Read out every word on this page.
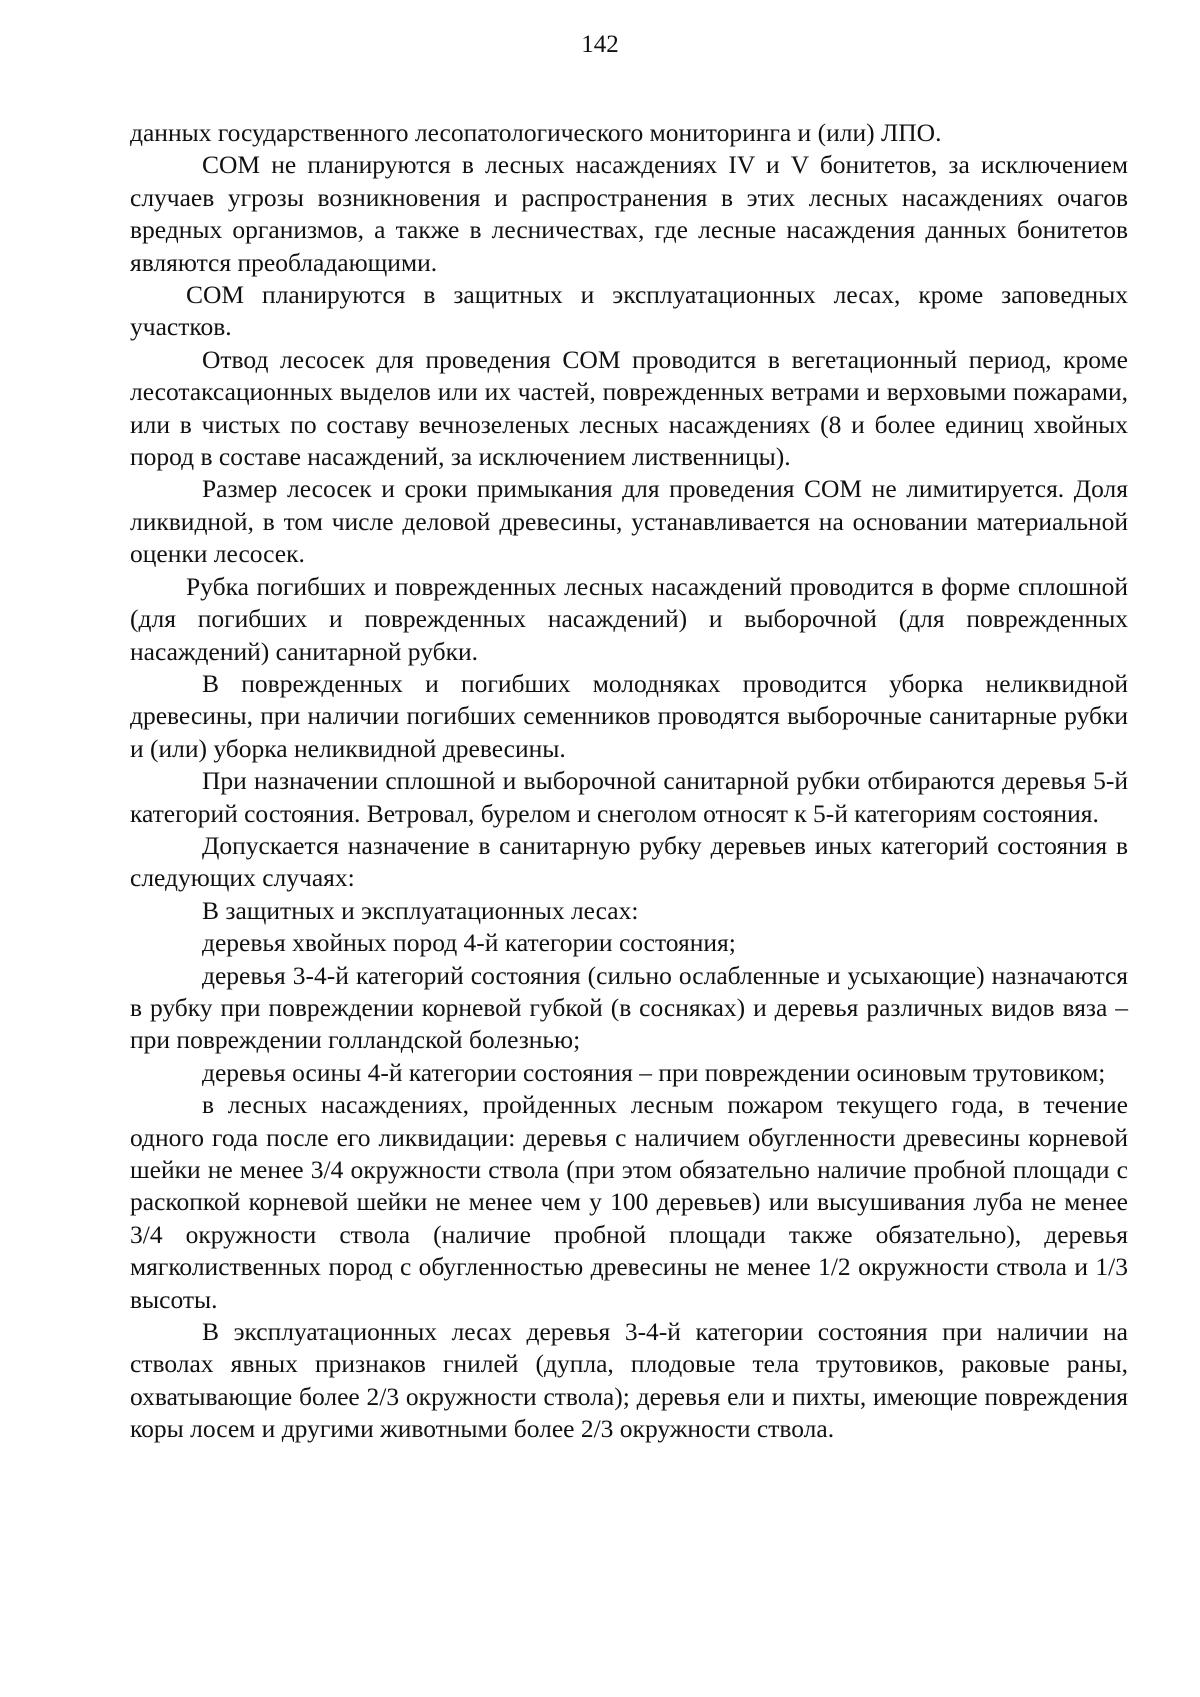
142

данных государственного лесопатологического мониторинга и (или) ЛПО.

СОМ не планируются в лесных насаждениях IV и V бонитетов, за исключением случаев угрозы возникновения и распространения в этих лесных насаждениях очагов вредных организмов, а также в лесничествах, где лесные насаждения данных бонитетов являются преобладающими.

СОМ планируются в защитных и эксплуатационных лесах, кроме заповедных участков.

Отвод лесосек для проведения СОМ проводится в вегетационный период, кроме лесотаксационных выделов или их частей, поврежденных ветрами и верховыми пожарами, или в чистых по составу вечнозеленых лесных насаждениях (8 и более единиц хвойных пород в составе насаждений, за исключением лиственницы).

Размер лесосек и сроки примыкания для проведения СОМ не лимитируется. Доля ликвидной, в том числе деловой древесины, устанавливается на основании материальной оценки лесосек.

Рубка погибших и поврежденных лесных насаждений проводится в форме сплошной (для погибших и поврежденных насаждений) и выборочной (для поврежденных насаждений) санитарной рубки.

В поврежденных и погибших молодняках проводится уборка неликвидной древесины, при наличии погибших семенников проводятся выборочные санитарные рубки и (или) уборка неликвидной древесины.

При назначении сплошной и выборочной санитарной рубки отбираются деревья 5-й категорий состояния. Ветровал, бурелом и снеголом относят к 5-й категориям состояния.

Допускается назначение в санитарную рубку деревьев иных категорий состояния в следующих случаях:

В защитных и эксплуатационных лесах:

деревья хвойных пород 4-й категории состояния;

деревья 3-4-й категорий состояния (сильно ослабленные и усыхающие) назначаются в рубку при повреждении корневой губкой (в сосняках) и деревья различных видов вяза – при повреждении голландской болезнью;

деревья осины 4-й категории состояния – при повреждении осиновым трутовиком;

в лесных насаждениях, пройденных лесным пожаром текущего года, в течение одного года после его ликвидации: деревья с наличием обугленности древесины корневой шейки не менее 3/4 окружности ствола (при этом обязательно наличие пробной площади с раскопкой корневой шейки не менее чем у 100 деревьев) или высушивания луба не менее 3/4 окружности ствола (наличие пробной площади также обязательно), деревья мягколиственных пород с обугленностью древесины не менее 1/2 окружности ствола и 1/3 высоты.

В эксплуатационных лесах деревья 3-4-й категории состояния при наличии на стволах явных признаков гнилей (дупла, плодовые тела трутовиков, раковые раны, охватывающие более 2/3 окружности ствола); деревья ели и пихты, имеющие повреждения коры лосем и другими животными более 2/3 окружности ствола.
